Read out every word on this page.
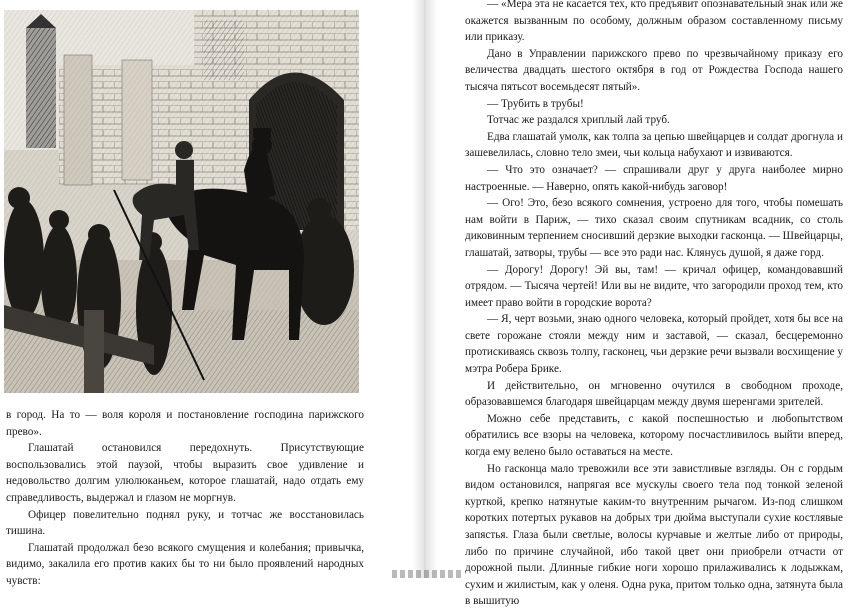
в город. На то — воля короля и постановление господина парижского прево».

Глашатай остановился передохнуть. Присутствующие воспользовались этой паузой, чтобы выразить свое удивление и недовольство долгим улюлюканьем, которое глашатай, надо отдать ему справедливость, выдержал и глазом не моргнув.

Офицер повелительно поднял руку, и тотчас же восстановилась тишина.

Глашатай продолжал безо всякого смущения и колебания; привычка, видимо, закалила его против каких бы то ни было проявлений народных чувств:

— «Мера эта не касается тех, кто предъявит опознавательный знак или же окажется вызванным по особому, должным образом составленному письму или приказу.

Дано в Управлении парижского прево по чрезвычайному приказу его величества двадцать шестого октября в год от Рождества Господа нашего тысяча пятьсот восемьдесят пятый».

— Трубить в трубы!

Тотчас же раздался хриплый лай труб.

Едва глашатай умолк, как толпа за цепью швейцарцев и солдат дрогнула и зашевелилась, словно тело змеи, чьи кольца набухают и извиваются.

— Что это означает? — спрашивали друг у друга наиболее мирно настроенные. — Наверно, опять какой-нибудь заговор!

— Ого! Это, безо всякого сомнения, устроено для того, чтобы помешать нам войти в Париж, — тихо сказал своим спутникам всадник, со столь диковинным терпением сносивший дерзкие выходки гасконца. — Швейцарцы, глашатай, затворы, трубы — все это ради нас. Клянусь душой, я даже горд.

— Дорогу! Дорогу! Эй вы, там! — кричал офицер, командовавший отрядом. — Тысяча чертей! Или вы не видите, что загородили проход тем, кто имеет право войти в городские ворота?

— Я, черт возьми, знаю одного человека, который пройдет, хотя бы все на свете горожане стояли между ним и заставой, — сказал, бесцеремонно протискиваясь сквозь толпу, гасконец, чьи дерзкие речи вызвали восхищение у мэтра Робера Брике.

И действительно, он мгновенно очутился в свободном проходе, образовавшемся благодаря швейцарцам между двумя шеренгами зрителей.

Можно себе представить, с какой поспешностью и любопытством обратились все взоры на человека, которому посчастливилось выйти вперед, когда ему велено было оставаться на месте.

Но гасконца мало тревожили все эти завистливые взгляды. Он с гордым видом остановился, напрягая все мускулы своего тела под тонкой зеленой курткой, крепко натянутые каким-то внутренним рычагом. Из-под слишком коротких потертых рукавов на добрых три дюйма выступали сухие костлявые запястья. Глаза были светлые, волосы курчавые и желтые либо от природы, либо по причине случайной, ибо такой цвет они приобрели отчасти от дорожной пыли. Длинные гибкие ноги хорошо прилаживались к лодыжкам, сухим и жилистым, как у оленя. Одна рука, притом только одна, затянута была в вышитую
